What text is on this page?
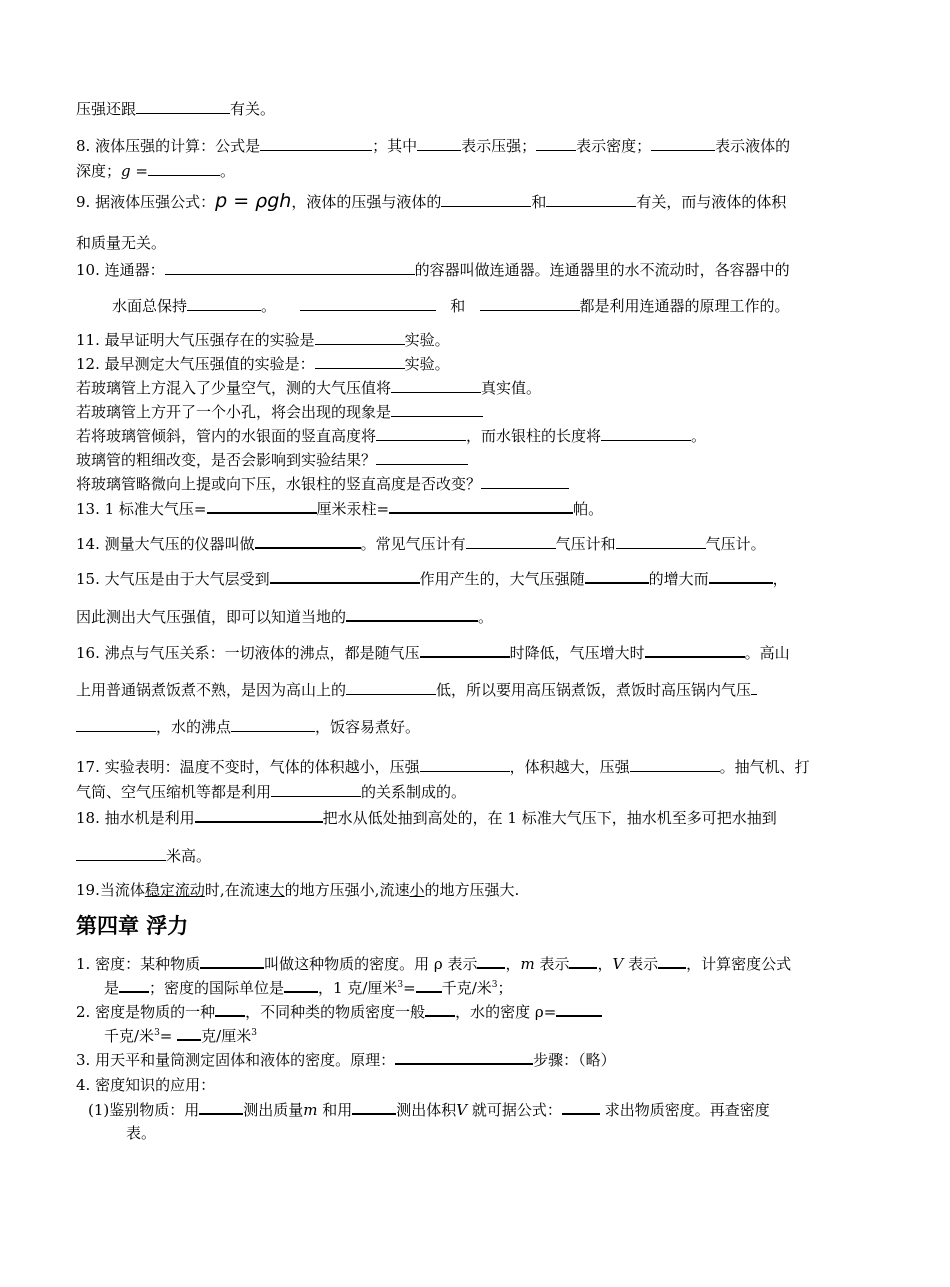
压强还跟	有关。
8. 液体压强的计算：公式是	；其中	表示压强；	表示密度；	表示液体的
深度；g =	。
9. 据液体压强公式：p = ρgh，液体的压强与液体的	和	有关，而与液体的体积
和质量无关。
10. 连通器：	的容器叫做连通器。连通器里的水不流动时，各容器中的
水面总保持	。	和	都是利用连通器的原理工作的。
11. 最早证明大气压强存在的实验是	实验。
12. 最早测定大气压强值的实验是：	实验。
若玻璃管上方混入了少量空气，测的大气压值将	真实值。
若玻璃管上方开了一个小孔，将会出现的现象是
若将玻璃管倾斜，管内的水银面的竖直高度将	，而水银柱的长度将	。
玻璃管的粗细改变，是否会影响到实验结果？
将玻璃管略微向上提或向下压，水银柱的竖直高度是否改变？
13. 1 标准大气压=	厘米汞柱=	帕。
14. 测量大气压的仪器叫做	。常见气压计有	气压计和	气压计。
15. 大气压是由于大气层受到	作用产生的，大气压强随	的增大而	，
因此测出大气压强值，即可以知道当地的	。
16. 沸点与气压关系：一切液体的沸点，都是随气压	时降低，气压增大时	。高山
上用普通锅煮饭煮不熟，是因为高山上的	低，所以要用高压锅煮饭，煮饭时高压锅内气压
，水的沸点	，饭容易煮好。
17. 实验表明：温度不变时，气体的体积越小，压强	，体积越大，压强	。抽气机、打
气筒、空气压缩机等都是利用	的关系制成的。
18. 抽水机是利用	把水从低处抽到高处的，在 1 标准大气压下，抽水机至多可把水抽到
米高。
19.当流体稳定流动时,在流速大的地方压强小,流速小的地方压强大.
第四章 浮力
1. 密度：某种物质	叫做这种物质的密度。用 ρ 表示 ，m 表示 ，V 表示 ，计算密度公式
是 ；密度的国际单位是 ，1 克/厘米$^3$= 千克/米$^3$；
2. 密度是物质的一种 ，不同种类的物质密度一般 ，水的密度 ρ=
千克/米$^3$= 克/厘米$^3$
3. 用天平和量筒测定固体和液体的密度。原理：	步骤：（略）
4. 密度知识的应用：
(1)鉴别物质：用	测出质量m 和用	测出体积V 就可据公式：	求出物质密度。再查密度
表。
